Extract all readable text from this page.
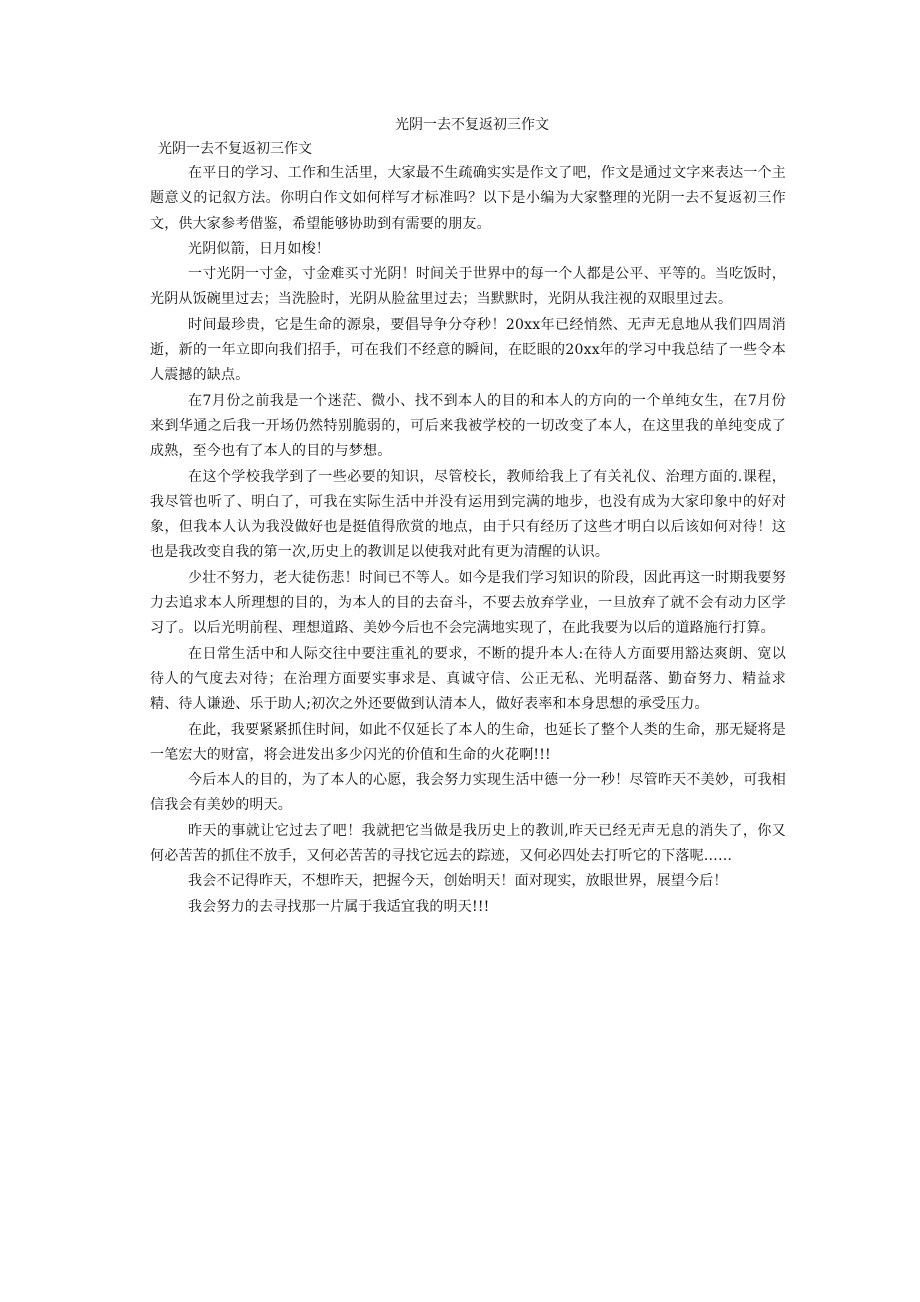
光阴一去不复返初三作文

光阴一去不复返初三作文

在平日的学习、工作和生活里，大家最不生疏确实实是作文了吧，作文是通过文字来表达一个主题意义的记叙方法。你明白作文如何样写才标准吗？以下是小编为大家整理的光阴一去不复返初三作文，供大家参考借鉴，希望能够协助到有需要的朋友。

光阴似箭，日月如梭！

一寸光阴一寸金，寸金难买寸光阴！时间关于世界中的每一个人都是公平、平等的。当吃饭时，光阴从饭碗里过去；当洗脸时，光阴从脸盆里过去；当默默时，光阴从我注视的双眼里过去。

时间最珍贵，它是生命的源泉，要倡导争分夺秒！20xx年已经悄然、无声无息地从我们四周消逝，新的一年立即向我们招手，可在我们不经意的瞬间，在眨眼的20xx年的学习中我总结了一些令本人震撼的缺点。

在7月份之前我是一个迷茫、微小、找不到本人的目的和本人的方向的一个单纯女生，在7月份来到华通之后我一开场仍然特别脆弱的，可后来我被学校的一切改变了本人，在这里我的单纯变成了成熟，至今也有了本人的目的与梦想。

在这个学校我学到了一些必要的知识，尽管校长，教师给我上了有关礼仪、治理方面的.课程，我尽管也听了、明白了，可我在实际生活中并没有运用到完满的地步，也没有成为大家印象中的好对象，但我本人认为我没做好也是挺值得欣赏的地点，由于只有经历了这些才明白以后该如何对待！这也是我改变自我的第一次,历史上的教训足以使我对此有更为清醒的认识。

少壮不努力，老大徒伤悲！时间已不等人。如今是我们学习知识的阶段，因此再这一时期我要努力去追求本人所理想的目的，为本人的目的去奋斗，不要去放弃学业，一旦放弃了就不会有动力区学习了。以后光明前程、理想道路、美妙今后也不会完满地实现了，在此我要为以后的道路施行打算。

在日常生活中和人际交往中要注重礼的要求，不断的提升本人:在待人方面要用豁达爽朗、宽以待人的气度去对待；在治理方面要实事求是、真诚守信、公正无私、光明磊落、勤奋努力、精益求精、待人谦逊、乐于助人;初次之外还要做到认清本人，做好表率和本身思想的承受压力。

在此，我要紧紧抓住时间，如此不仅延长了本人的生命，也延长了整个人类的生命，那无疑将是一笔宏大的财富，将会进发出多少闪光的价值和生命的火花啊!!!

今后本人的目的，为了本人的心愿，我会努力实现生活中德一分一秒！尽管昨天不美妙，可我相信我会有美妙的明天。

昨天的事就让它过去了吧！我就把它当做是我历史上的教训,昨天已经无声无息的消失了，你又何必苦苦的抓住不放手，又何必苦苦的寻找它远去的踪迹，又何必四处去打听它的下落呢……

我会不记得昨天，不想昨天，把握今天，创始明天！面对现实，放眼世界，展望今后！

我会努力的去寻找那一片属于我适宜我的明天!!!
